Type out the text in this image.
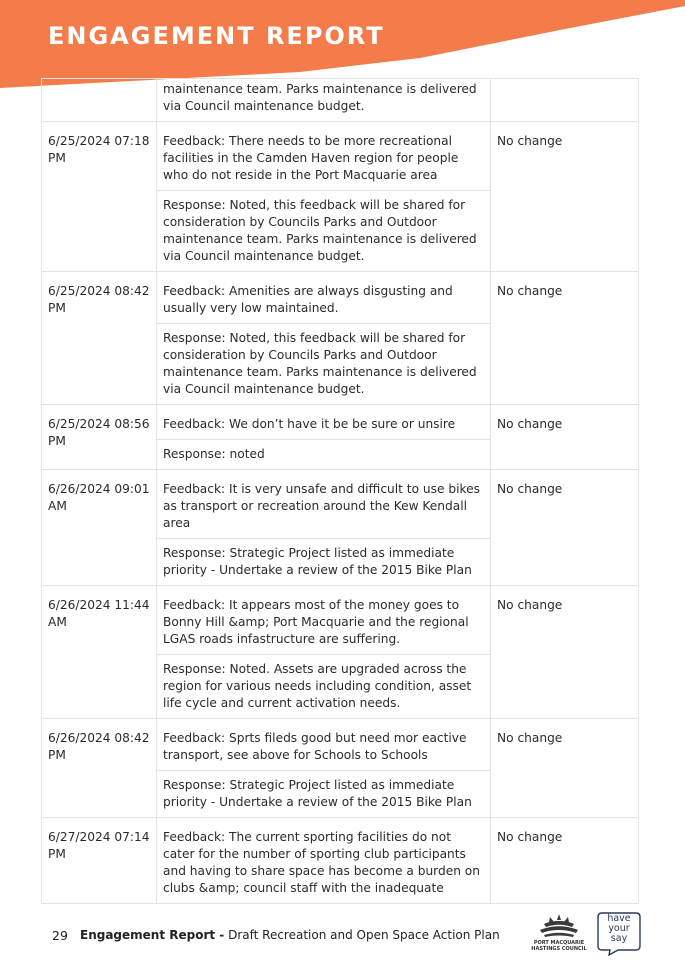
ENGAGEMENT REPORT
	maintenance team. Parks maintenance is delivered via Council maintenance budget.	
6/25/2024 07:18 PM	Feedback: There needs to be more recreational facilities in the Camden Haven region for people who do not reside in the Port Macquarie area	No change
	Response: Noted, this feedback will be shared for consideration by Councils Parks and Outdoor maintenance team. Parks maintenance is delivered via Council maintenance budget.	
6/25/2024 08:42 PM	Feedback: Amenities are always disgusting and usually very low maintained.	No change
	Response: Noted, this feedback will be shared for consideration by Councils Parks and Outdoor maintenance team. Parks maintenance is delivered via Council maintenance budget.	
6/25/2024 08:56 PM	Feedback: We don’t have it be be sure or unsire	No change
	Response: noted	
6/26/2024 09:01 AM	Feedback: It is very unsafe and difficult to use bikes as transport or recreation around the Kew Kendall area	No change
	Response: Strategic Project listed as immediate priority - Undertake a review of the 2015 Bike Plan	
6/26/2024 11:44 AM	Feedback: It appears most of the money goes to Bonny Hill &amp; Port Macquarie and the regional LGAS roads infastructure are suffering.	No change
	Response: Noted. Assets are upgraded across the region for various needs including condition, asset life cycle and current activation needs.	
6/26/2024 08:42 PM	Feedback: Sprts fileds good but need mor eactive transport, see above for Schools to Schools	No change
	Response: Strategic Project listed as immediate priority - Undertake a review of the 2015 Bike Plan	
6/27/2024 07:14 PM	Feedback: The current sporting facilities do not cater for the number of sporting club participants and having to share space has become a burden on clubs &amp; council staff with the inadequate	No change
29 Engagement Report - Draft Recreation and Open Space Action Plan
PORT MACQUARIE
HASTINGS COUNCIL
have
your say
